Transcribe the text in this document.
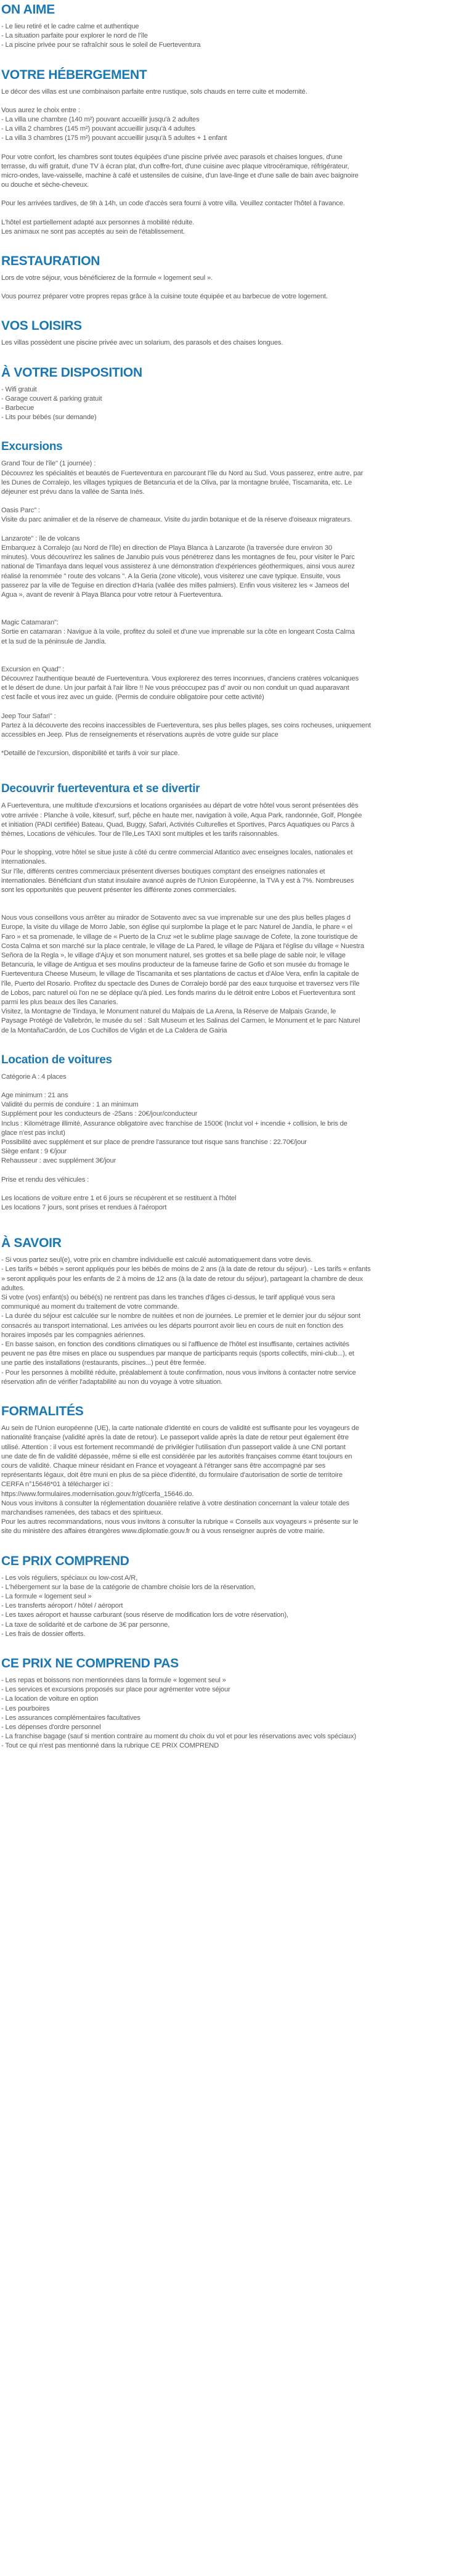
ON AIME

- Le lieu retiré et le cadre calme et authentique

- La situation parfaite pour explorer le nord de l'île

- La piscine privée pour se rafraîchir sous le soleil de Fuerteventura

VOTRE HÉBERGEMENT

Le décor des villas est une combinaison parfaite entre rustique, sols chauds en terre cuite et modernité.

Vous aurez le choix entre :

- La villa une chambre (140 m²) pouvant accueillir jusqu'à 2 adultes

- La villa 2 chambres (145 m²) pouvant accueillir jusqu'à 4 adultes

- La villa 3 chambres (175 m²) pouvant accueillir jusqu'à 5 adultes + 1 enfant

Pour votre confort, les chambres sont toutes équipées d'une piscine privée avec parasols et chaises longues, d'une

terrasse, du wifi gratuit, d'une TV à écran plat, d'un coffre-fort, d'une cuisine avec plaque vitrocéramique, réfrigérateur,

micro-ondes, lave-vaisselle, machine à café et ustensiles de cuisine, d'un lave-linge et d'une salle de bain avec baignoire

ou douche et sèche-cheveux.

Pour les arrivées tardives, de 9h à 14h, un code d'accès sera fourni à votre villa. Veuillez contacter l'hôtel à l'avance.

L'hôtel est partiellement adapté aux personnes à mobilité réduite.

Les animaux ne sont pas acceptés au sein de l'établissement.

RESTAURATION

Lors de votre séjour, vous bénéficierez de la formule « logement seul ».

Vous pourrez préparer votre propres repas grâce à la cuisine toute équipée et au barbecue de votre logement.

VOS LOISIRS

Les villas possèdent une piscine privée avec un solarium, des parasols et des chaises longues.

À VOTRE DISPOSITION

- Wifi gratuit

- Garage couvert & parking gratuit

- Barbecue

- Lits pour bébés (sur demande)

Excursions

Grand Tour de l'île" (1 journée) :

Découvrez les spécialités et beautés de Fuerteventura en parcourant l'île du Nord au Sud. Vous passerez, entre autre, par

les Dunes de Corralejo, les villages typiques de Betancuria et de la Oliva, par la montagne brulée, Tiscamanita, etc. Le

déjeuner est prévu dans la vallée de Santa Inés.

Oasis Parc" :

Visite du parc animalier et de la réserve de chameaux. Visite du jardin botanique et de la réserve d'oiseaux migrateurs.

Lanzarote" : île de volcans

Embarquez à Corralejo (au Nord de l'île) en direction de Playa Blanca à Lanzarote (la traversée dure environ 30

minutes). Vous découvrirez les salines de Janubio puis vous pénétrerez dans les montagnes de feu, pour visiter le Parc

national de Timanfaya dans lequel vous assisterez à une démonstration d'expériences géothermiques, ainsi vous aurez

réalisé la renommée " route des volcans ". A la Geria (zone viticole), vous visiterez une cave typique. Ensuite, vous

passerez par la ville de Teguise en direction d'Haria (vallée des milles palmiers). Enfin vous visiterez les « Jameos del

Agua », avant de revenir à Playa Blanca pour votre retour à Fuerteventura.

Magic Catamaran":

Sortie en catamaran : Navigue à la voile, profitez du soleil et d'une vue imprenable sur la côte en longeant Costa Calma

et la sud de la péninsule de Jandía.

Excursion en Quad" :

Découvrez l'authentique beauté de Fuerteventura. Vous explorerez des terres inconnues, d'anciens cratères volcaniques

et le désert de dune. Un jour parfait à l'air libre !! Ne vous préoccupez pas d' avoir ou non conduit un quad auparavant

c'est facile et vous irez avec un guide. (Permis de conduire obligatoire pour cette activité)

Jeep Tour Safari" :

Partez à la découverte des recoins inaccessibles de Fuerteventura, ses plus belles plages, ses coins rocheuses, uniquement

accessibles en Jeep. Plus de renseignements et réservations auprès de votre guide sur place

*Detaillé de l'excursion, disponibilité et tarifs à voir sur place.

Decouvrir fuerteventura et se divertir

A Fuerteventura, une multitude d'excursions et locations organisées au départ de votre hôtel vous seront présentées dès

votre arrivée : Planche à voile, kitesurf, surf, pêche en haute mer, navigation à voile, Aqua Park, randonnée, Golf, Plongée

et initiation (PADI certifiée) Bateau, Quad, Buggy, Safari, Activités Culturelles et Sportives, Parcs Aquatiques ou Parcs à

thèmes, Locations de véhicules. Tour de l'île,Les TAXI sont multiples et les tarifs raisonnables.

Pour le shopping, votre hôtel se situe juste à côté du centre commercial Atlantico avec enseignes locales, nationales et

internationales.

Sur l'île, différents centres commerciaux présentent diverses boutiques comptant des enseignes nationales et

internationales. Bénéficiant d'un statut insulaire avancé auprès de l'Union Européenne, la TVA y est à 7%. Nombreuses

sont les opportunités que peuvent présenter les différente zones commerciales.

Nous vous conseillons vous arrêter au mirador de Sotavento avec sa vue imprenable sur une des plus belles plages d

Europe, la visite du village de Morro Jable, son église qui surplombe la plage et le parc Naturel de Jandía, le phare « el

Faro » et sa promenade, le village de « Puerto de la Cruz »et le sublime plage sauvage de Cofete, la zone touristique de

Costa Calma et son marché sur la place centrale, le village de La Pared, le village de Pájara et l'église du village « Nuestra

Señora de la Regla », le village d'Ajuy et son monument naturel, ses grottes et sa belle plage de sable noir, le village

Betancuria, le village de Antigua et ses moulins producteur de la fameuse farine de Gofio et son musée du fromage le

Fuerteventura Cheese Museum, le village de Tiscamanita et ses plantations de cactus et d'Aloe Vera, enfin la capitale de

l'île, Puerto del Rosario. Profitez du spectacle des Dunes de Corralejo bordé par des eaux turquoise et traversez vers l'île

de Lobos, parc naturel où l'on ne se déplace qu'à pied. Les fonds marins du le détroit entre Lobos et Fuerteventura sont

parmi les plus beaux des îles Canaries.

Visitez, la Montagne de Tindaya, le Monument naturel du Malpais de La Arena, la Réserve de Malpais Grande, le

Paysage Protégé de Vallebrón, le musée du sel : Salt Museum et les Salinas del Carmen, le Monument et le parc Naturel

de la MontañaCardón, de Los Cuchillos de Vigán et de La Caldera de Gairia

Location de voitures

Catégorie A : 4 places

Age minimum : 21 ans

Validité du permis de conduire : 1 an minimum

Supplément pour les conducteurs de -25ans : 20€/jour/conducteur

Inclus : Kilométrage illimité, Assurance obligatoire avec franchise de 1500€ (Inclut vol + incendie + collision, le bris de

glace n'est pas inclut)

Possibilité avec supplément et sur place de prendre l'assurance tout risque sans franchise : 22.70€/jour

Siège enfant : 9 €/jour

Rehausseur : avec supplément 3€/jour

Prise et rendu des véhicules :

Les locations de voiture entre 1 et 6 jours se récupèrent et se restituent à l'hôtel

Les locations 7 jours, sont prises et rendues à l'aéroport

À SAVOIR

- Si vous partez seul(e), votre prix en chambre individuelle est calculé automatiquement dans votre devis.

- Les tarifs « bébés » seront appliqués pour les bébés de moins de 2 ans (à la date de retour du séjour). - Les tarifs « enfants

» seront appliqués pour les enfants de 2 à moins de 12 ans (à la date de retour du séjour), partageant la chambre de deux

adultes.

Si votre (vos) enfant(s) ou bébé(s) ne rentrent pas dans les tranches d'âges ci-dessus, le tarif appliqué vous sera

communiqué au moment du traitement de votre commande.

- La durée du séjour est calculée sur le nombre de nuitées et non de journées. Le premier et le dernier jour du séjour sont

consacrés au transport international. Les arrivées ou les départs pourront avoir lieu en cours de nuit en fonction des

horaires imposés par les compagnies aériennes.

- En basse saison, en fonction des conditions climatiques ou si l'affluence de l'hôtel est insuffisante, certaines activités

peuvent ne pas être mises en place ou suspendues par manque de participants requis (sports collectifs, mini-club...), et

une partie des installations (restaurants, piscines...) peut être fermée.

- Pour les personnes à mobilité réduite, préalablement à toute confirmation, nous vous invitons à contacter notre service

réservation afin de vérifier l'adaptabilité au non du voyage à votre situation.

FORMALITÉS

Au sein de l'Union européenne (UE), la carte nationale d'identité en cours de validité est suffisante pour les voyageurs de

nationalité française (validité après la date de retour). Le passeport valide après la date de retour peut également être

utilisé. Attention : il vous est fortement recommandé de privilégier l'utilisation d'un passeport valide à une CNI portant

une date de fin de validité dépassée, même si elle est considérée par les autorités françaises comme étant toujours en

cours de validité. Chaque mineur résidant en France et voyageant à l'étranger sans être accompagné par ses

représentants légaux, doit être muni en plus de sa pièce d'identité, du formulaire d'autorisation de sortie de territoire

CERFA n°15646*01 à télécharger ici :

https://www.formulaires.modernisation.gouv.fr/gf/cerfa_15646.do.

Nous vous invitons à consulter la réglementation douanière relative à votre destination concernant la valeur totale des

marchandises ramenées, des tabacs et des spiritueux.

Pour les autres recommandations, nous vous invitons à consulter la rubrique « Conseils aux voyageurs » présente sur le

site du ministère des affaires étrangères www.diplomatie.gouv.fr ou à vous renseigner auprès de votre mairie.

CE PRIX COMPREND

- Les vols réguliers, spéciaux ou low-cost A/R,

- L'hébergement sur la base de la catégorie de chambre choisie lors de la réservation,

- La formule « logement seul »

- Les transferts aéroport / hôtel / aéroport

- Les taxes aéroport et hausse carburant (sous réserve de modification lors de votre réservation),

- La taxe de solidarité et de carbone de 3€ par personne,

- Les frais de dossier offerts.

CE PRIX NE COMPREND PAS

- Les repas et boissons non mentionnées dans la formule « logement seul »

- Les services et excursions proposés sur place pour agrémenter votre séjour

- La location de voiture en option

- Les pourboires

- Les assurances complémentaires facultatives

- Les dépenses d'ordre personnel

- La franchise bagage (sauf si mention contraire au moment du choix du vol et pour les réservations avec vols spéciaux)

- Tout ce qui n'est pas mentionné dans la rubrique CE PRIX COMPREND
